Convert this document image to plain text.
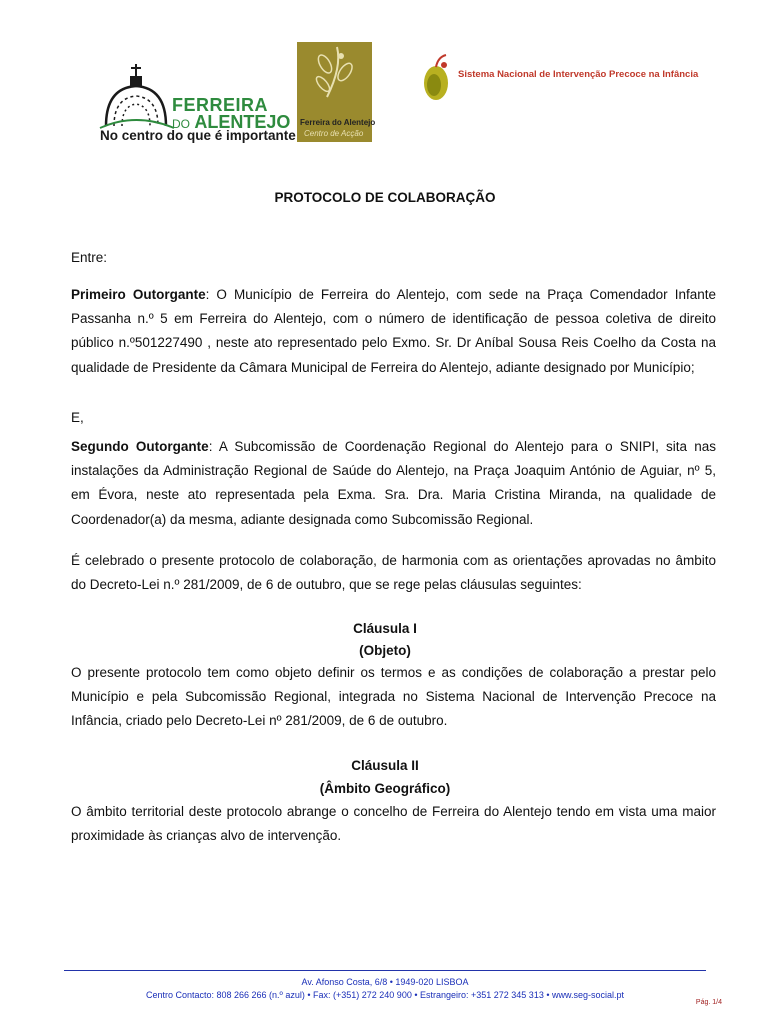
FERREIRA
DO ALENTEJO
No centro do que é importante
Ferreira do Alentejo
Centro de Acção
Sistema Nacional de Intervenção Precoce na Infância
PROTOCOLO DE COLABORAÇÃO
Entre:
Primeiro Outorgante: O Município de Ferreira do Alentejo, com sede na Praça Comendador Infante Passanha n.º 5 em Ferreira do Alentejo, com o número de identificação de pessoa coletiva de direito público n.º501227490 , neste ato representado pelo Exmo. Sr. Dr Aníbal Sousa Reis Coelho da Costa na qualidade de Presidente da Câmara Municipal de Ferreira do Alentejo, adiante designado por Município;
E,
Segundo Outorgante: A Subcomissão de Coordenação Regional do Alentejo para o SNIPI, sita nas instalações da Administração Regional de Saúde do Alentejo, na Praça Joaquim António de Aguiar, nº 5, em Évora, neste ato representada pela Exma. Sra. Dra. Maria Cristina Miranda, na qualidade de Coordenador(a) da mesma, adiante designada como Subcomissão Regional.
É celebrado o presente protocolo de colaboração, de harmonia com as orientações aprovadas no âmbito do Decreto-Lei n.º 281/2009, de 6 de outubro, que se rege pelas cláusulas seguintes:
Cláusula I
(Objeto)
O presente protocolo tem como objeto definir os termos e as condições de colaboração a prestar pelo Município e pela Subcomissão Regional, integrada no Sistema Nacional de Intervenção Precoce na Infância, criado pelo Decreto-Lei nº 281/2009, de 6 de outubro.
Cláusula II
(Âmbito Geográfico)
O âmbito territorial deste protocolo abrange o concelho de Ferreira do Alentejo tendo em vista uma maior proximidade às crianças alvo de intervenção.
Av. Afonso Costa, 6/8 • 1949-020 LISBOA
Centro Contacto: 808 266 266 (n.º azul) • Fax: (+351) 272 240 900 • Estrangeiro: +351 272 345 313 • www.seg-social.pt
Pág. 1/4
